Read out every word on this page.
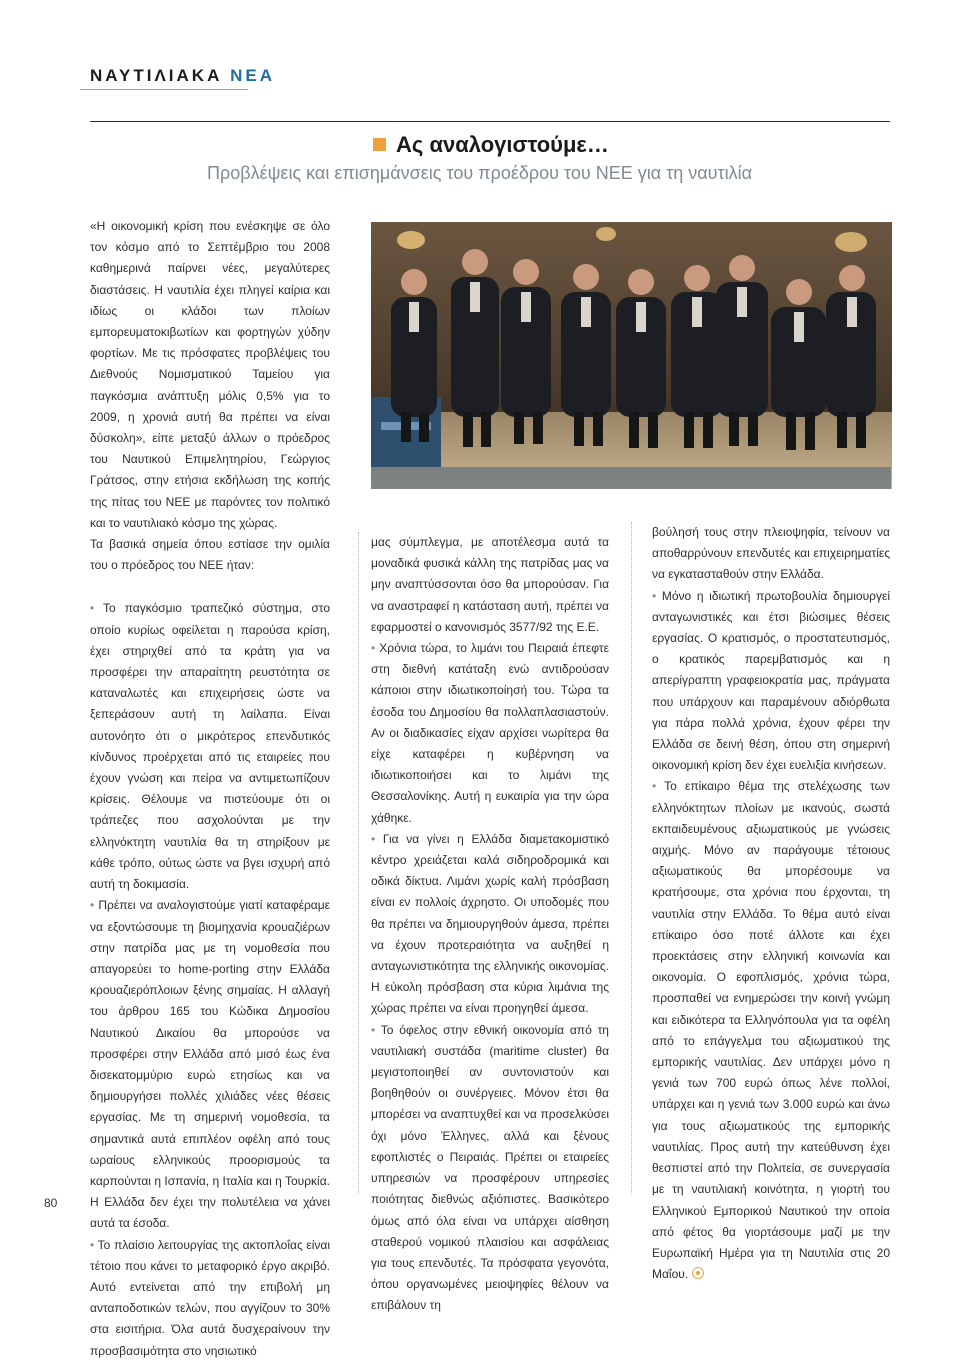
ΝΑΥΤΙΛΙΑΚΑ ΝΕΑ
Ας αναλογιστούμε…
Προβλέψεις και επισημάνσεις του προέδρου του ΝΕΕ για τη ναυτιλία

«Η οικονομική κρίση που ενέσκηψε σε όλο τον κόσμο από το Σεπτέμβριο του 2008 καθημερινά παίρνει νέες, μεγαλύτερες διαστάσεις. Η ναυτιλία έχει πληγεί καίρια και ιδίως οι κλάδοι των πλοίων εμπορευματοκιβωτίων και φορτηγών χύδην φορτίων. Με τις πρόσφατες προβλέψεις του Διεθνούς Νομισματικού Ταμείου για παγκόσμια ανάπτυξη μόλις 0,5% για το 2009, η χρονιά αυτή θα πρέπει να είναι δύσκολη», είπε μεταξύ άλλων ο πρόεδρος του Ναυτικού Επιμελητηρίου, Γεώργιος Γράτσος, στην ετήσια εκδήλωση της κοπής της πίτας του ΝΕΕ με παρόντες τον πολιτικό και το ναυτιλιακό κόσμο της χώρας.

Τα βασικά σημεία όπου εστίασε την ομιλία του ο πρόεδρος του ΝΕΕ ήταν:

• Το παγκόσμιο τραπεζικό σύστημα, στο οποίο κυρίως οφείλεται η παρούσα κρίση, έχει στηριχθεί από τα κράτη για να προσφέρει την απαραίτητη ρευστότητα σε καταναλωτές και επιχειρήσεις ώστε να ξεπεράσουν αυτή τη λαίλαπα. Είναι αυτονόητο ότι ο μικρότερος επενδυτικός κίνδυνος προέρχεται από τις εταιρείες που έχουν γνώση και πείρα να αντιμετωπίζουν κρίσεις. Θέλουμε να πιστεύουμε ότι οι τράπεζες που ασχολούνται με την ελληνόκτητη ναυτιλία θα τη στηρίξουν με κάθε τρόπο, ούτως ώστε να βγει ισχυρή από αυτή τη δοκιμασία.

• Πρέπει να αναλογιστούμε γιατί καταφέραμε να εξοντώσουμε τη βιομηχανία κρουαζιέρων στην πατρίδα μας με τη νομοθεσία που απαγορεύει το home-porting στην Ελλάδα κρουαζιερόπλοιων ξένης σημαίας. Η αλλαγή του άρθρου 165 του Κώδικα Δημοσίου Ναυτικού Δικαίου θα μπορούσε να προσφέρει στην Ελλάδα από μισό έως ένα δισεκατομμύριο ευρώ ετησίως και να δημιουργήσει πολλές χιλιάδες νέες θέσεις εργασίας. Με τη σημερινή νομοθεσία, τα σημαντικά αυτά επιπλέον οφέλη από τους ωραίους ελληνικούς προορισμούς τα καρπούνται η Ισπανία, η Ιταλία και η Τουρκία. Η Ελλάδα δεν έχει την πολυτέλεια να χάνει αυτά τα έσοδα.

• Το πλαίσιο λειτουργίας της ακτοπλοΐας είναι τέτοιο που κάνει το μεταφορικό έργο ακριβό. Αυτό εντείνεται από την επιβολή μη ανταποδοτικών τελών, που αγγίζουν το 30% στα εισιτήρια. Όλα αυτά δυσχεραίνουν την προσβασιμότητα στο νησιωτικό

μας σύμπλεγμα, με αποτέλεσμα αυτά τα μοναδικά φυσικά κάλλη της πατρίδας μας να μην αναπτύσσονται όσο θα μπορούσαν. Για να αναστραφεί η κατάσταση αυτή, πρέπει να εφαρμοστεί ο κανονισμός 3577/92 της Ε.Ε.

• Χρόνια τώρα, το λιμάνι του Πειραιά έπεφτε στη διεθνή κατάταξη ενώ αντιδρούσαν κάποιοι στην ιδιωτικοποίησή του. Τώρα τα έσοδα του Δημοσίου θα πολλαπλασιαστούν. Αν οι διαδικασίες είχαν αρχίσει νωρίτερα θα είχε καταφέρει η κυβέρνηση να ιδιωτικοποιήσει και το λιμάνι της Θεσσαλονίκης. Αυτή η ευκαιρία για την ώρα χάθηκε.

• Για να γίνει η Ελλάδα διαμετακομιστικό κέντρο χρειάζεται καλά σιδηροδρομικά και οδικά δίκτυα. Λιμάνι χωρίς καλή πρόσβαση είναι εν πολλοίς άχρηστο. Οι υποδομές που θα πρέπει να δημιουργηθούν άμεσα, πρέπει να έχουν προτεραιότητα να αυξηθεί η ανταγωνιστικότητα της ελληνικής οικονομίας. Η εύκολη πρόσβαση στα κύρια λιμάνια της χώρας πρέπει να είναι προηγηθεί άμεσα.

• Το όφελος στην εθνική οικονομία από τη ναυτιλιακή συστάδα (maritime cluster) θα μεγιστοποιηθεί αν συντονιστούν και βοηθηθούν οι συνέργειες. Μόνον έτσι θα μπορέσει να αναπτυχθεί και να προσελκύσει όχι μόνο Έλληνες, αλλά και ξένους εφοπλιστές ο Πειραιάς. Πρέπει οι εταιρείες υπηρεσιών να προσφέρουν υπηρεσίες ποιότητας διεθνώς αξιόπιστες. Βασικότερο όμως από όλα είναι να υπάρχει αίσθηση σταθερού νομικού πλαισίου και ασφάλειας για τους επενδυτές. Τα πρόσφατα γεγονότα, όπου οργανωμένες μειοψηφίες θέλουν να επιβάλουν τη

βούλησή τους στην πλειοψηφία, τείνουν να αποθαρρύνουν επενδυτές και επιχειρηματίες να εγκατασταθούν στην Ελλάδα.

• Μόνο η ιδιωτική πρωτοβουλία δημιουργεί ανταγωνιστικές και έτσι βιώσιμες θέσεις εργασίας. Ο κρατισμός, ο προστατευτισμός, ο κρατικός παρεμβατισμός και η απερίγραπτη γραφειοκρατία μας, πράγματα που υπάρχουν και παραμένουν αδιόρθωτα για πάρα πολλά χρόνια, έχουν φέρει την Ελλάδα σε δεινή θέση, όπου στη σημερινή οικονομική κρίση δεν έχει ευελιξία κινήσεων.

• Το επίκαιρο θέμα της στελέχωσης των ελληνόκτητων πλοίων με ικανούς, σωστά εκπαιδευμένους αξιωματικούς με γνώσεις αιχμής. Μόνο αν παράγουμε τέτοιους αξιωματικούς θα μπορέσουμε να κρατήσουμε, στα χρόνια που έρχονται, τη ναυτιλία στην Ελλάδα. Το θέμα αυτό είναι επίκαιρο όσο ποτέ άλλοτε και έχει προεκτάσεις στην ελληνική κοινωνία και οικονομία. Ο εφοπλισμός, χρόνια τώρα, προσπαθεί να ενημερώσει την κοινή γνώμη και ειδικότερα τα Ελληνόπουλα για τα οφέλη από το επάγγελμα του αξιωματικού της εμπορικής ναυτιλίας. Δεν υπάρχει μόνο η γενιά των 700 ευρώ όπως λένε πολλοί, υπάρχει και η γενιά των 3.000 ευρώ και άνω για τους αξιωματικούς της εμπορικής ναυτιλίας. Προς αυτή την κατεύθυνση έχει θεσπιστεί από την Πολιτεία, σε συνεργασία με τη ναυτιλιακή κοινότητα, η γιορτή του Ελληνικού Εμπορικού Ναυτικού την οποία από φέτος θα γιορτάσουμε μαζί με την Ευρωπαϊκή Ημέρα για τη Ναυτιλία στις 20 Μαΐου.

80
